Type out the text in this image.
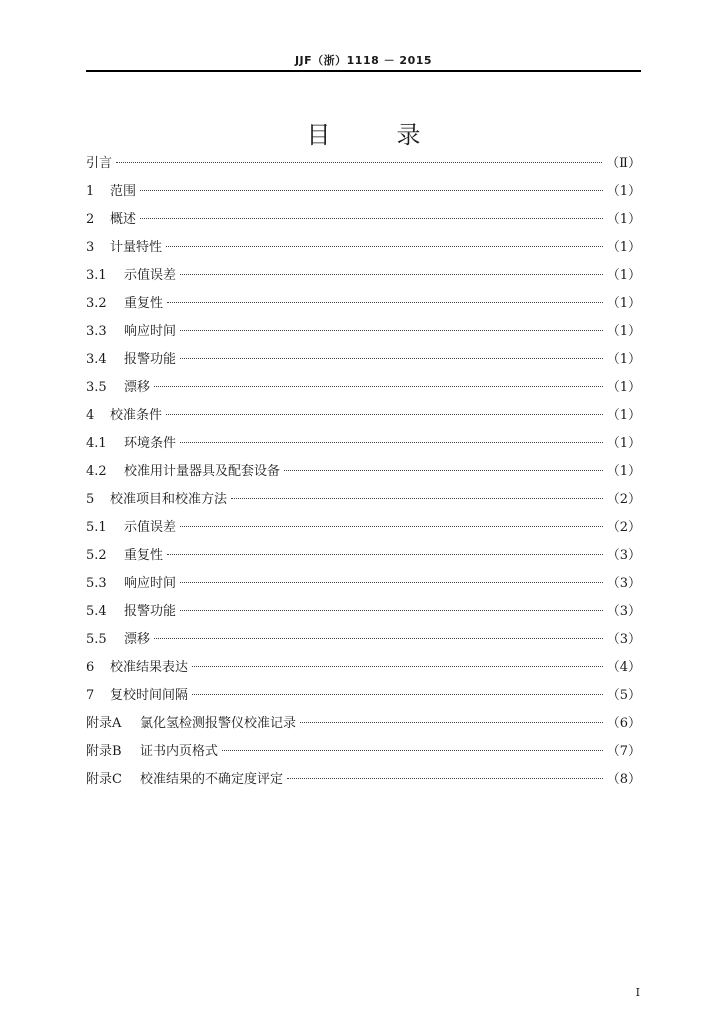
JJF（浙）1118 － 2015
目	录
引言	（Ⅱ）
1	范围	（1）
2	概述	（1）
3	计量特性	（1）
3.1	示值误差	（1）
3.2	重复性	（1）
3.3	响应时间	（1）
3.4	报警功能	（1）
3.5	漂移	（1）
4	校准条件	（1）
4.1	环境条件	（1）
4.2	校准用计量器具及配套设备	（1）
5	校准项目和校准方法	（2）
5.1	示值误差	（2）
5.2	重复性	（3）
5.3	响应时间	（3）
5.4	报警功能	（3）
5.5	漂移	（3）
6	校准结果表达	（4）
7	复校时间间隔	（5）
附录A	氯化氢检测报警仪校准记录	（6）
附录B	证书内页格式	（7）
附录C	校准结果的不确定度评定	（8）
I
